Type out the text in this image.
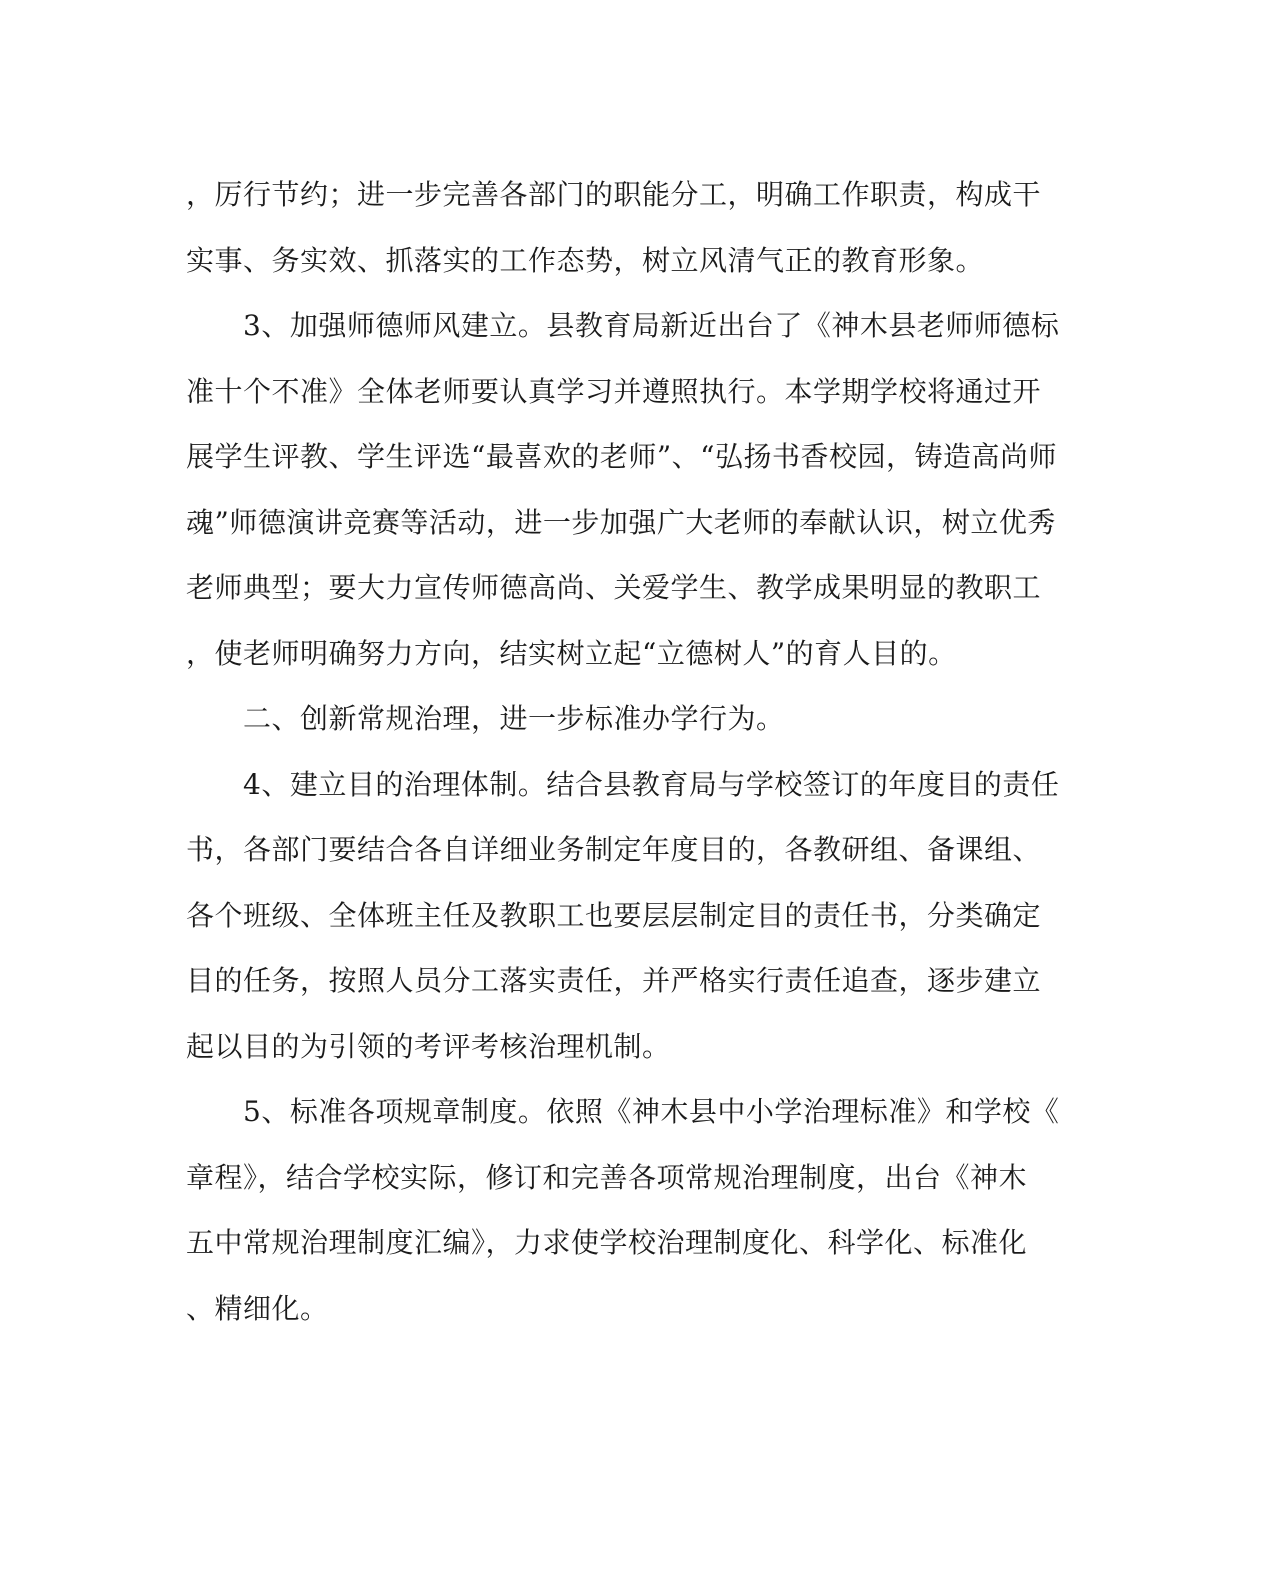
，厉行节约；进一步完善各部门的职能分工，明确工作职责，构成干
实事、务实效、抓落实的工作态势，树立风清气正的教育形象。
3、加强师德师风建立。县教育局新近出台了《神木县老师师德标
准十个不准》全体老师要认真学习并遵照执行。本学期学校将通过开
展学生评教、学生评选“最喜欢的老师”、“弘扬书香校园，铸造高尚师
魂”师德演讲竞赛等活动，进一步加强广大老师的奉献认识，树立优秀
老师典型；要大力宣传师德高尚、关爱学生、教学成果明显的教职工
，使老师明确努力方向，结实树立起“立德树人”的育人目的。
二、创新常规治理，进一步标准办学行为。
4、建立目的治理体制。结合县教育局与学校签订的年度目的责任
书，各部门要结合各自详细业务制定年度目的，各教研组、备课组、
各个班级、全体班主任及教职工也要层层制定目的责任书，分类确定
目的任务，按照人员分工落实责任，并严格实行责任追查，逐步建立
起以目的为引领的考评考核治理机制。
5、标准各项规章制度。依照《神木县中小学治理标准》和学校《
章程》，结合学校实际，修订和完善各项常规治理制度，出台《神木
五中常规治理制度汇编》，力求使学校治理制度化、科学化、标准化
、精细化。
